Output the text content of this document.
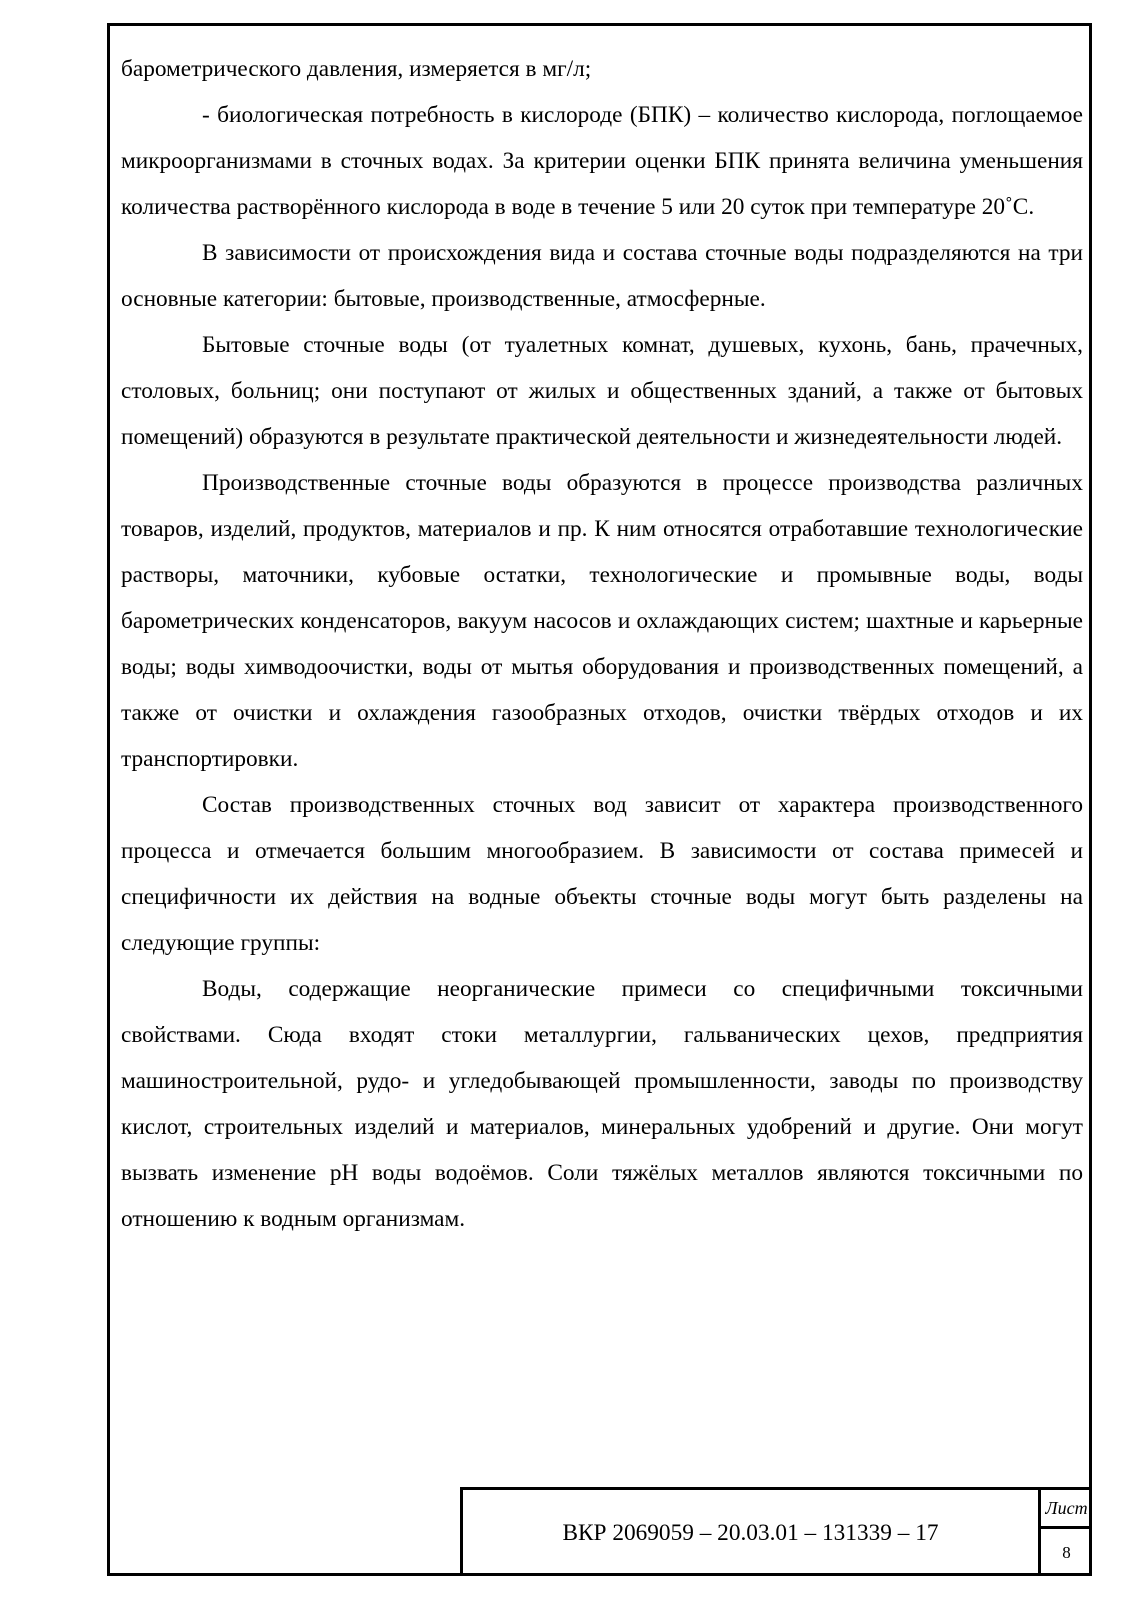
барометрического давления, измеряется в мг/л;

- биологическая потребность в кислороде (БПК) – количество кислорода, поглощаемое микроорганизмами в сточных водах. За критерии оценки БПК принята величина уменьшения количества растворённого кислорода в воде в течение 5 или 20 суток при температуре 20˚С.

В зависимости от происхождения вида и состава сточные воды подразделяются на три основные категории: бытовые, производственные, атмосферные.

Бытовые сточные воды (от туалетных комнат, душевых, кухонь, бань, прачечных, столовых, больниц; они поступают от жилых и общественных зданий, а также от бытовых помещений) образуются в результате практической деятельности и жизнедеятельности людей.

Производственные сточные воды образуются в процессе производства различных товаров, изделий, продуктов, материалов и пр. К ним относятся отработавшие технологические растворы, маточники, кубовые остатки, технологические и промывные воды, воды барометрических конденсаторов, вакуум насосов и охлаждающих систем; шахтные и карьерные воды; воды химводоочистки, воды от мытья оборудования и производственных помещений, а также от очистки и охлаждения газообразных отходов, очистки твёрдых отходов и их транспортировки.

Состав производственных сточных вод зависит от характера производственного процесса и отмечается большим многообразием. В зависимости от состава примесей и специфичности их действия на водные объекты сточные воды могут быть разделены на следующие группы:

Воды, содержащие неорганические примеси со специфичными токсичными свойствами. Сюда входят стоки металлургии, гальванических цехов, предприятия машиностроительной, рудо- и угледобывающей промышленности, заводы по производству кислот, строительных изделий и материалов, минеральных удобрений и другие. Они могут вызвать изменение рН воды водоёмов. Соли тяжёлых металлов являются токсичными по отношению к водным организмам.

ВКР 2069059 – 20.03.01 – 131339 – 17
Лист
8
